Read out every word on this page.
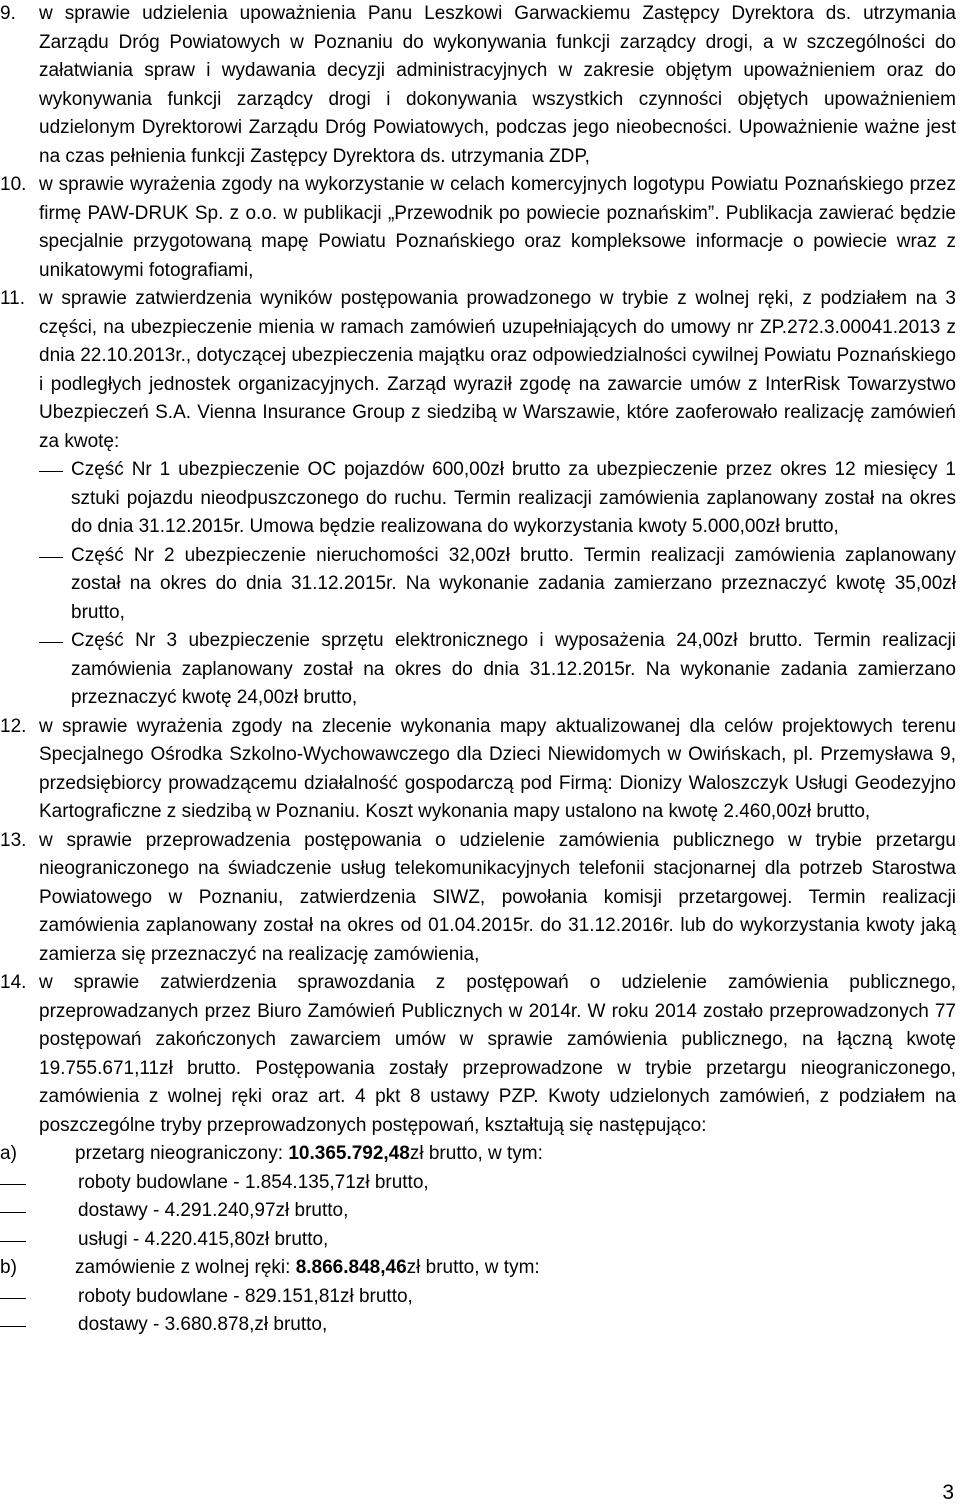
9. w sprawie udzielenia upoważnienia Panu Leszkowi Garwackiemu Zastępcy Dyrektora ds. utrzymania Zarządu Dróg Powiatowych w Poznaniu do wykonywania funkcji zarządcy drogi, a w szczególności do załatwiania spraw i wydawania decyzji administracyjnych w zakresie objętym upoważnieniem oraz do wykonywania funkcji zarządcy drogi i dokonywania wszystkich czynności objętych upoważnieniem udzielonym Dyrektorowi Zarządu Dróg Powiatowych, podczas jego nieobecności. Upoważnienie ważne jest na czas pełnienia funkcji Zastępcy Dyrektora ds. utrzymania ZDP,
10. w sprawie wyrażenia zgody na wykorzystanie w celach komercyjnych logotypu Powiatu Poznańskiego przez firmę PAW-DRUK Sp. z o.o. w publikacji „Przewodnik po powiecie poznańskim”. Publikacja zawierać będzie specjalnie przygotowaną mapę Powiatu Poznańskiego oraz kompleksowe informacje o powiecie wraz z unikatowymi fotografiami,
11. w sprawie zatwierdzenia wyników postępowania prowadzonego w trybie z wolnej ręki, z podziałem na 3 części, na ubezpieczenie mienia w ramach zamówień uzupełniających do umowy nr ZP.272.3.00041.2013 z dnia 22.10.2013r., dotyczącej ubezpieczenia majątku oraz odpowiedzialności cywilnej Powiatu Poznańskiego i podległych jednostek organizacyjnych. Zarząd wyraził zgodę na zawarcie umów z InterRisk Towarzystwo Ubezpieczeń S.A. Vienna Insurance Group z siedzibą w Warszawie, które zaoferowało realizację zamówień za kwotę:
Część Nr 1 ubezpieczenie OC pojazdów 600,00zł brutto za ubezpieczenie przez okres 12 miesięcy 1 sztuki pojazdu nieodpuszczonego do ruchu. Termin realizacji zamówienia zaplanowany został na okres do dnia 31.12.2015r. Umowa będzie realizowana do wykorzystania kwoty 5.000,00zł brutto,
Część Nr 2 ubezpieczenie nieruchomości 32,00zł brutto. Termin realizacji zamówienia zaplanowany został na okres do dnia 31.12.2015r. Na wykonanie zadania zamierzano przeznaczyć kwotę 35,00zł brutto,
Część Nr 3 ubezpieczenie sprzętu elektronicznego i wyposażenia 24,00zł brutto. Termin realizacji zamówienia zaplanowany został na okres do dnia 31.12.2015r. Na wykonanie zadania zamierzano przeznaczyć kwotę 24,00zł brutto,
12. w sprawie wyrażenia zgody na zlecenie wykonania mapy aktualizowanej dla celów projektowych terenu Specjalnego Ośrodka Szkolno-Wychowawczego dla Dzieci Niewidomych w Owińskach, pl. Przemysława 9, przedsiębiorcy prowadzącemu działalność gospodarczą pod Firmą: Dionizy Waloszczyk Usługi Geodezyjno Kartograficzne z siedzibą w Poznaniu. Koszt wykonania mapy ustalono na kwotę 2.460,00zł brutto,
13. w sprawie przeprowadzenia postępowania o udzielenie zamówienia publicznego w trybie przetargu nieograniczonego na świadczenie usług telekomunikacyjnych telefonii stacjonarnej dla potrzeb Starostwa Powiatowego w Poznaniu, zatwierdzenia SIWZ, powołania komisji przetargowej. Termin realizacji zamówienia zaplanowany został na okres od 01.04.2015r. do 31.12.2016r. lub do wykorzystania kwoty jaką zamierza się przeznaczyć na realizację zamówienia,
14. w sprawie zatwierdzenia sprawozdania z postępowań o udzielenie zamówienia publicznego, przeprowadzanych przez Biuro Zamówień Publicznych w 2014r. W roku 2014 zostało przeprowadzonych 77 postępowań zakończonych zawarciem umów w sprawie zamówienia publicznego, na łączną kwotę 19.755.671,11zł brutto. Postępowania zostały przeprowadzone w trybie przetargu nieograniczonego, zamówienia z wolnej ręki oraz art. 4 pkt 8 ustawy PZP. Kwoty udzielonych zamówień, z podziałem na poszczególne tryby przeprowadzonych postępowań, kształtują się następująco:
a)	przetarg nieograniczony: 10.365.792,48zł brutto, w tym:
roboty budowlane - 1.854.135,71zł brutto,
dostawy - 4.291.240,97zł brutto,
usługi - 4.220.415,80zł brutto,
b)	zamówienie z wolnej ręki: 8.866.848,46zł brutto, w tym:
roboty budowlane - 829.151,81zł brutto,
dostawy - 3.680.878,zł brutto,
3
